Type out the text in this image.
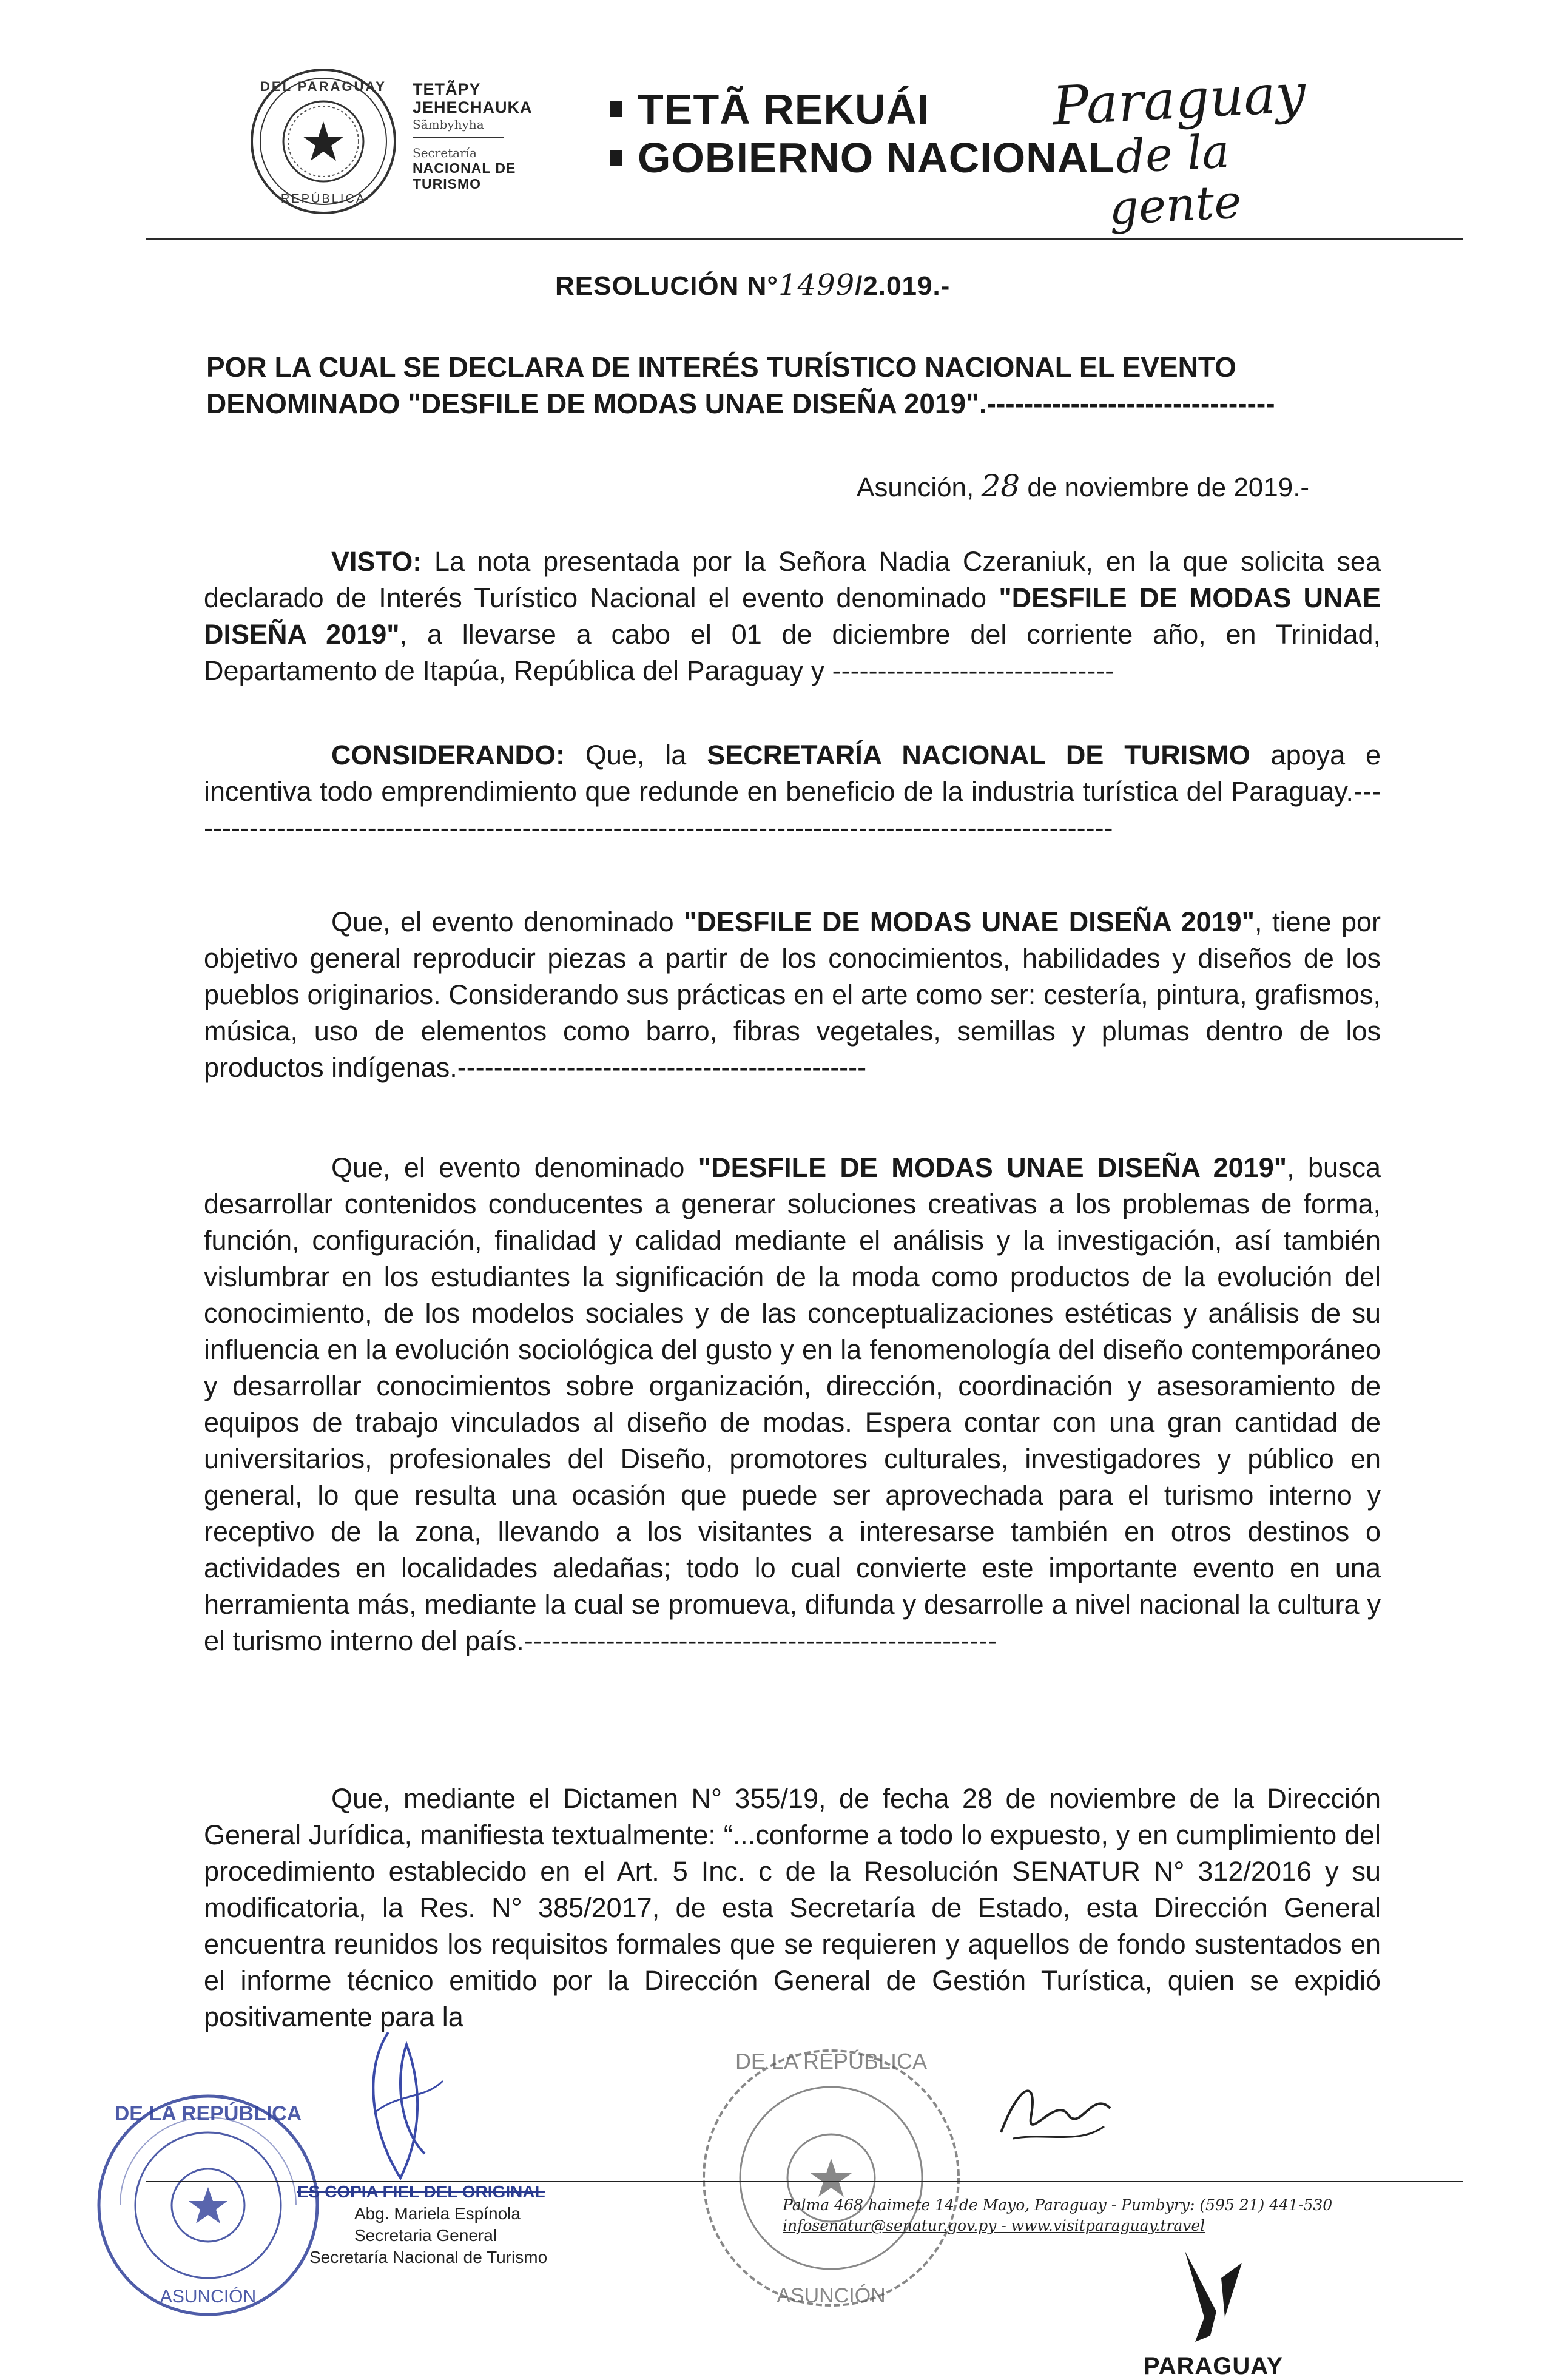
DEL PARAGUAY
REPÚBLICA
TETÃPY
JEHECHAUKA
Sãmbyhyha
Secretaría
NACIONAL DE
TURISMO
TETÃ REKUÁI
GOBIERNO NACIONAL
Paraguay
de la gente
RESOLUCIÓN N°1499/2.019.-
POR LA CUAL SE DECLARA DE INTERÉS TURÍSTICO NACIONAL EL EVENTO DENOMINADO "DESFILE DE MODAS UNAE DISEÑA 2019".-------------------------------
Asunción, 28 de noviembre de 2019.-
VISTO: La nota presentada por la Señora Nadia Czeraniuk, en la que solicita sea declarado de Interés Turístico Nacional el evento denominado "DESFILE DE MODAS UNAE DISEÑA 2019", a llevarse a cabo el 01 de diciembre del corriente año, en Trinidad, Departamento de Itapúa, República del Paraguay y -------------------------------
CONSIDERANDO: Que, la SECRETARÍA NACIONAL DE TURISMO apoya e incentiva todo emprendimiento que redunde en beneficio de la industria turística del Paraguay.-------------------------------------------------------------------------------------------------------
Que, el evento denominado "DESFILE DE MODAS UNAE DISEÑA 2019", tiene por objetivo general reproducir piezas a partir de los conocimientos, habilidades y diseños de los pueblos originarios. Considerando sus prácticas en el arte como ser: cestería, pintura, grafismos, música, uso de elementos como barro, fibras vegetales, semillas y plumas dentro de los productos indígenas.---------------------------------------------
Que, el evento denominado "DESFILE DE MODAS UNAE DISEÑA 2019", busca desarrollar contenidos conducentes a generar soluciones creativas a los problemas de forma, función, configuración, finalidad y calidad mediante el análisis y la investigación, así también vislumbrar en los estudiantes la significación de la moda como productos de la evolución del conocimiento, de los modelos sociales y de las conceptualizaciones estéticas y análisis de su influencia en la evolución sociológica del gusto y en la fenomenología del diseño contemporáneo y desarrollar conocimientos sobre organización, dirección, coordinación y asesoramiento de equipos de trabajo vinculados al diseño de modas. Espera contar con una gran cantidad de universitarios, profesionales del Diseño, promotores culturales, investigadores y público en general, lo que resulta una ocasión que puede ser aprovechada para el turismo interno y receptivo de la zona, llevando a los visitantes a interesarse también en otros destinos o actividades en localidades aledañas; todo lo cual convierte este importante evento en una herramienta más, mediante la cual se promueva, difunda y desarrolle a nivel nacional la cultura y el turismo interno del país.----------------------------------------------------
Que, mediante el Dictamen N° 355/19, de fecha 28 de noviembre de la Dirección General Jurídica, manifiesta textualmente: “...conforme a todo lo expuesto, y en cumplimiento del procedimiento establecido en el Art. 5 Inc. c de la Resolución SENATUR N° 312/2016 y su modificatoria, la Res. N° 385/2017, de esta Secretaría de Estado, esta Dirección General encuentra reunidos los requisitos formales que se requieren y aquellos de fondo sustentados en el informe técnico emitido por la Dirección General de Gestión Turística, quien se expidió positivamente para la
DE LA REPÚBLICA
ASUNCIÓN
ES COPIA FIEL DEL ORIGINAL
Abg. Mariela Espínola
Secretaria General
Secretaría Nacional de Turismo
DE LA REPÚBLICA
ASUNCIÓN
Palma 468 haimete 14 de Mayo, Paraguay - Pumbyry: (595 21) 441-530
infosenatur@senatur.gov.py - www.visitparaguay.travel
PARAGUAY
